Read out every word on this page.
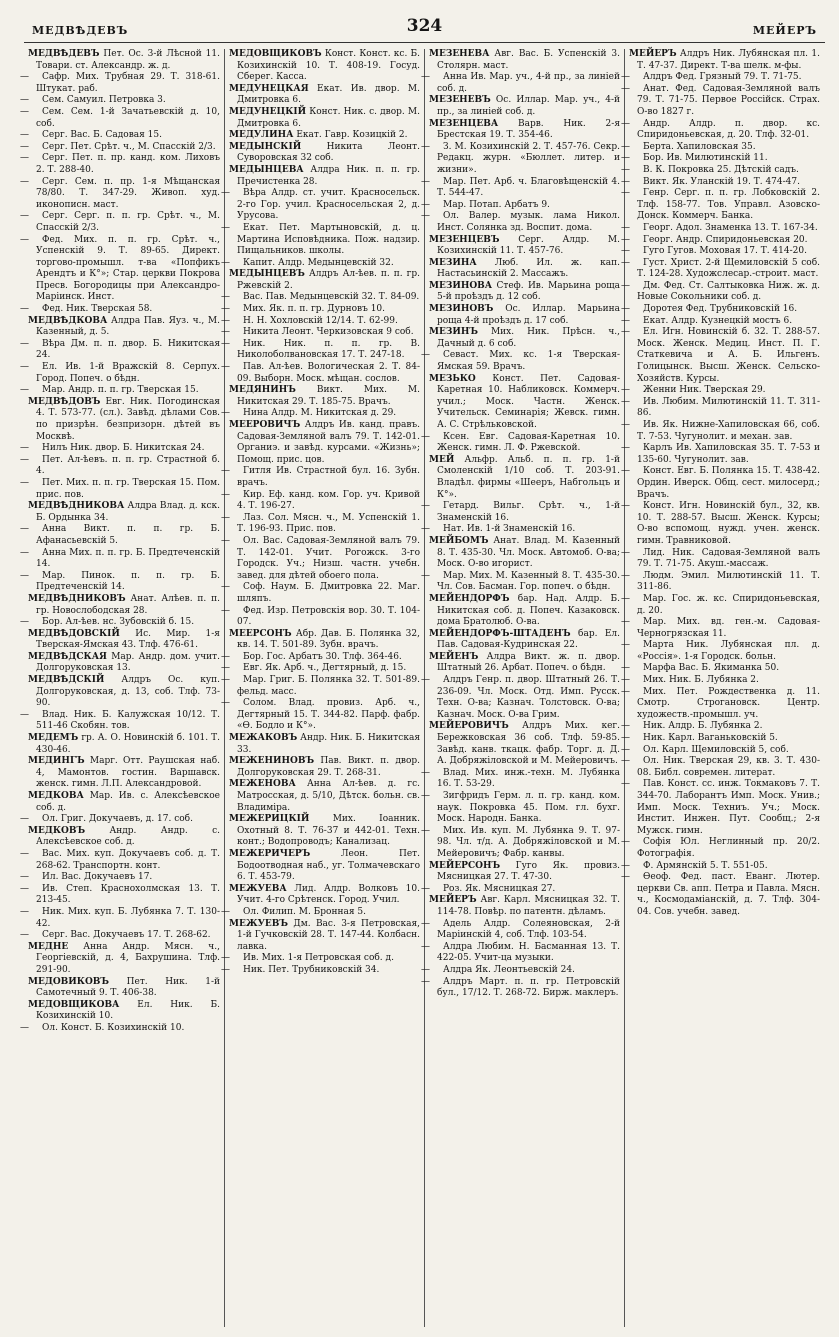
МЕДВѢДЕВЪ	324	МЕЙЕРЪ

МЕДВѢДЕВЪ Пет. Ос. 3-й Лѣсной 11. Товари. ст. Александр. ж. д.

— Сафр. Мих. Трубная 29. Т. 318-61. Штукат. раб.

— Сем. Самуил. Петровка 3.

— Сем. Сем. 1-й Зачатьевскій д. 10, соб.

— Серг. Вас. Б. Садовая 15.

— Серг. Пет. Срѣт. ч., М. Спасскій 2/3.

— Серг. Пет. п. пр. канд. ком. Лиховъ 2. Т. 288-40.

— Серг. Сем. п. пр. 1-я Мѣщанская 78/80. Т. 347-29. Живоп. худ. иконописн. маст.

— Серг. Серг. п. п. гр. Срѣт. ч., М. Спасскій 2/3.

— Фед. Мих. п. п. гр. Срѣт. ч., Успенскій 9. Т. 89-65. Директ. торгово-промышл. т-ва «Попфикъ Арендтъ и К°»; Стар. церкви Покрова Пресв. Богородицы при Александро-Маріинск. Инст.

— Фед. Ник. Тверская 58.

МЕДВѢДКОВА Алдра Пав. Яуз. ч., М. Казенный, д. 5.

— Вѣра Дм. п. п. двор. Б. Никитская 24.

— Ел. Ив. 1-й Вражскій 8. Серпух. Город. Попеч. о бѣдн.

— Мар. Андр. п. п. гр. Тверская 15.

МЕДВѢДОВЪ Евг. Ник. Погодинская 4. Т. 573-77. (сл.). Завѣд. дѣлами Сов. по призрѣн. безпризорн. дѣтей въ Москвѣ.

— Нилъ Ник. двор. Б. Никитская 24.

— Пет. Ал-ѣевъ. п. п. гр. Страстной б. 4.

— Пет. Мих. п. п. гр. Тверская 15. Пом. прис. пов.

МЕДВѢДНИКОВА Алдра Влад. д. кск. Б. Ордынка 34.

— Анна Викт. п. п. гр. Б. Афанасьевскій 5.

— Анна Мих. п. п. гр. Б. Предтеченскій 14.

— Мар. Пинок. п. п. гр. Б. Предтеченскій 14.

МЕДВѢДНИКОВЪ Анат. Алѣев. п. п. гр. Новослободская 28.

— Бор. Ал-ѣев. нс. Зубовскій б. 15.

МЕДВѢДОВСКІЙ Ис. Мир. 1-я Тверская-Ямская 43. Тлф. 476-61.

МЕДВѢДСКАЯ Мар. Андр. дом. учит. Долгоруковская 13.

МЕДВѢДСКІЙ Алдръ Ос. куп. Долгоруковская, д. 13, соб. Тлф. 73-90.

— Влад. Ник. Б. Калужская 10/12. Т. 511-46 Скобян. тов.

МЕДЕМЪ гр. А. О. Новинскій б. 101. Т. 430-46.

МЕДИНГЪ Марг. Отт. Раушская наб. 4, Мамонтов. гостин. Варшавск. женск. гимн. Л.П. Александровой.

МЕДКОВА Мар. Ив. с. Алексѣевское соб. д.

— Ол. Григ. Докучаевъ, д. 17. соб.

МЕДКОВЪ	Андр. Андр. с. Алексѣевское соб. д.

— Вас. Мих. куп. Докучаевъ соб. д. Т. 268-62. Транспортн. конт.

— Ил. Вас. Докучаевъ 17.

— Ив. Степ. Краснохолмская 13. Т. 213-45.

— Ник. Мих. куп. Б. Лубянка 7. Т. 130-42.

— Серг. Вас. Докучаевъ 17. Т. 268-62.

МЕДНЕ Анна Андр. Мясн. ч., Георгіевскій, д. 4, Бахрушина. Тлф. 291-90.

МЕДОВИКОВЪ Пет. Ник. 1-й Самотечный 9. Т. 406-38.

МЕДОВЩИКОВА Ел. Ник. Б. Козихинскій 10.

— Ол. Конст. Б. Козихинскій 10.

МЕДОВЩИКОВЪ Конст. Конст. кс. Б. Козихинскій 10. Т. 408-19. Госуд. Сберег. Касса.

МЕДУНЕЦКАЯ Екат. Ив. двор. М. Дмитровка 6.

МЕДУНЕЦКІЙ Конст. Ник. с. двор. М. Дмитровка 6.

МЕДУЛИНА Екат. Гавр. Козицкій 2.

МЕДЫНСКІЙ	Никита Леонт. Суворовская 32 соб.

МЕДЫНЦЕВА Алдра Ник. п. п. гр. Пречистенка 28.

— Вѣра Алдр. ст. учит. Красносельск. 2-го Гор. учил. Красносельская 2, д. Урусова.

— Екат. Пет. Мартыновскій, д. ц. Мартина Исповѣдника. Пож. надзир. Пищальников. школы.

— Капит. Алдр. Медынцевскій 32.

МЕДЫНЦЕВЪ Алдръ Ал-ѣев. п. п. гр. Ржевскій 2.

— Вас. Пав. Медынцевскій 32. Т. 84-09.

— Мих. Як. п. п. гр. Дурновъ 10.

— Н. Н. Хохловскій 12/14. Т. 62-99.

— Никита Леонт. Черкизовская 9 соб.

— Ник. Ник. п. п. гр. В. Николоболвановская 17. Т. 247-18.

— Пав. Ал-ѣев. Вологическая 2. Т. 84-09. Выборн. Моск. мѣщан. сослов.

МЕДЯНИНЪ Викт. Мих. М. Никитская 29. Т. 185-75. Врачъ.

— Нина Алдр. М. Никитская д. 29.

МЕЕРОВИЧЪ Алдръ Ив. канд. правъ. Садовая-Земляной валъ 79. Т. 142-01. Органиэ. и завѣд. курсами. «Жизнь»; Помощ. прис. цов.

— Гитля Ив. Страстной бул. 16. Зубн. врачъ.

— Кир. Еф. канд. ком. Гор. уч. Кривой 4. Т. 196-27.

— Лаз. Сол. Мясн. ч., М. Успенскій 1. Т. 196-93. Прис. пов.

— Ол. Вас. Садовая-Земляной валъ 79. Т. 142-01. Учит. Рогожск. 3-го Городск. Уч.; Низш. частн. учебн. завед. для дѣтей обоего пола.

— Соф. Наум. Б. Дмитровка 22. Маг. шляпъ.

— Фед. Изр. Петровскія вор. 30. Т. 104-07.

МЕЕРСОНЪ Абр. Дав. Б. Полянка 32, кв. 14. Т. 501-89. Зубн. врачъ.

— Бор. Гос. Арбатъ 30. Тлф. 364-46.

— Евг. Як. Арб. ч., Дегтярный, д. 15.

— Мар. Григ. Б. Полянка 32. Т. 501-89. фельд. масс.

— Солом. Влад. провиз. Арб. ч., Дегтярный 15. Т. 344-82. Парф. фабр. «Ѳ. Бодло и К°».

МЕЖАКОВЪ Андр. Ник. Б. Никитская 33.

МЕЖЕНИНОВЪ Пав. Викт. п. двор. Долгоруковская 29. Т. 268-31.

МЕЖЕНОВА Анна Ал-ѣев. д. гс. Матросская, д. 5/10, Дѣтск. больн. св. Владиміра.

МЕЖЕРИЦКІЙ	Мих. Іоанник. Охотный 8. Т. 76-37 и 442-01. Техн. конт.; Водопроводъ; Канализац.

МЕЖЕРИЧЕРЪ	Леон. Пет. Бодоотводная наб., уг. Толмачевскаго 6. Т. 453-79.

МЕЖУЕВА Лид. Алдр. Волковъ 10. Учит. 4-го Срѣтенск. Город. Учил.

— Ол. Филип. М. Бронная 5.

МЕЖУЕВЪ Дм. Вас. 3-я Петровская, 1-й Гучковскій 28. Т. 147-44. Колбасн. лавка.

— Ив. Мих. 1-я Петровская соб. д.

— Ник. Пет. Трубниковскій 34.

МЕЗЕНЕВА Авг. Вас. Б. Успенскій 3. Столярн. маст.

— Анна Ив. Мар. уч., 4-й пр., за линіей соб. д.

МЕЗЕНЕВЪ Ос. Иллар. Мар. уч., 4-й пр., за линіей соб. д.

МЕЗЕНЦЕВА Варв. Ник. 2-я Брестская 19. Т. 354-46.

— З. М. Козихинскій 2. Т. 457-76. Секр. Редакц. журн. «Бюллет. литер. и жизни».

— Мар. Пет. Арб. ч. Благовѣщенскій 4. Т. 544-47.

— Мар. Потап. Арбатъ 9.

— Ол. Валер. музык. лама Никол. Инст. Солянка зд. Воспит. дома.

МЕЗЕНЦЕВЪ Серг. Алдр. М. Козихинскій 11. Т. 457-76.

МЕЗИНА Люб. Ил. ж. кап. Настасьинскій 2. Массажъ.

МЕЗИНОВА Стеф. Ив. Марьина роща 5-й проѣздъ д. 12 соб.

МЕЗИНОВЪ Ос. Иллар. Марьина роща 4-й проѣздъ д. 17 соб.

МЕЗИНЪ Мих. Ник. Прѣсн. ч., Дачный д. 6 соб.

— Севаст. Мих. кс. 1-я Тверская-Ямская 59. Врачъ.

МЕЗЬКО Конст. Пет. Садовая-Каретная 10. Набликовск. Коммерч. учил.; Моск. Частн. Женск. Учительск. Семинарія; Жевск. гимн. А. С. Стрѣльковской.

— Ксен. Евг. Садовая-Каретная 10. Женск. гимн. Л. Ф. Ржевской.

МЕЙ Альфр. Альб. п. п. гр. 1-й Смоленскій 1/10 соб. Т. 203-91. Владѣл. фирмы «Шееръ, Набгольцъ и К°».

— Гетард. Вильг. Срѣт. ч., 1-й Знаменскій 16.

— Нат. Ив. 1-й Знаменскій 16.

МЕЙБОМЪ Анат. Влад. М. Казенный 8. Т. 435-30. Чл. Моск. Автомоб. О-ва; Моск. О-во игорист.

— Мар. Мих. М. Казенный 8. Т. 435-30. Чл. Сов. Басман. Гор. попеч. о бѣдн.

МЕЙЕНДОРФЪ бар. Над. Алдр. Б. Никитская соб. д. Попеч. Казаковск. дома Братолюб. О-ва.

МЕЙЕНДОРФЪ-ШТАДЕНЪ бар. Ел. Пав. Садовая-Кудринская 22.

МЕЙЕНЪ Алдра Викт. ж. п. двор. Штатный 26. Арбат. Попеч. о бѣдн.

— Алдръ Генр. п. двор. Штатный 26. Т. 236-09. Чл. Моск. Отд. Имп. Русск. Техн. О-ва; Казнач. Толстовск. О-ва; Казнач. Моск. О-ва Грим.

МЕЙЕРОВИЧЪ Алдръ Мих. кег. Бережковская 36 соб. Тлф. 59-85. Завѣд. канв. ткацк. фабр. Торг. д. Д. А. Добряжіловской и М. Мейеровичъ.

— Влад. Мих. инж.-техн. М. Лубянка 16. Т. 53-29.

— Зигфридъ Герм. л. п. гр. канд. ком. наук. Покровка 45. Пом. гл. бухг. Моск. Народн. Банка.

— Мих. Ив. куп. М. Лубянка 9. Т. 97-98. Чл. т/д. А. Добряжіловской и М. Мейеровичъ; Фабр. канвы.

МЕЙЕРСОНЪ Гуго Як. провиз. Мясницкая 27. Т. 47-30.

— Роз. Як. Мясницкая 27.

МЕЙЕРЪ Авг. Карл. Мясницкая 32. Т. 114-78. Повѣр. по патентн. дѣламъ.

— Адель Алдр. Солеяновская, 2-й Маріинскій 4, соб. Тлф. 103-54.

— Алдра Любим. Н. Басманная 13. Т. 422-05. Учит-ца музыки.

— Алдра Як. Леонтьевскій 24.

— Алдръ Март. п. п. гр. Петровскій бул., 17/12. Т. 268-72. Бирж. маклеръ.

МЕЙЕРЪ Алдръ Ник. Лубянская пл. 1. Т. 47-37. Директ. Т-ва шелк. м-фы.

— Алдръ Фед. Грязный 79. Т. 71-75.

— Анат. Фед. Садовая-Земляной валъ 79. Т. 71-75. Первое Россійск. Страх. О-во 1827 г.

— Андр. Алдр. п. двор. кс. Спиридоньевская, д. 20. Тлф. 32-01.

— Берта. Хапиловская 35.

— Бор. Ив. Милютинскій 11.

— В. К. Покровка 25. Дѣтскій садъ.

— Викт. Як. Уланскій 19. Т. 474-47.

— Генр. Серг. п. п. гр. Лобковскій 2. Тлф. 158-77. Тов. Управл. Азовско-Донск. Коммерч. Банка.

— Георг. Адол. Знаменка 13. Т. 167-34.

— Георг. Андр. Спиридоньевская 20.

— Гуго Гугов. Моховая 17. Т. 414-20.

— Густ. Христ. 2-й Щемиловскій 5 соб. Т. 124-28. Художслесар.-строит. маст.

— Дм. Фед. Ст. Салтыковка Ниж. ж. д. Новые Сокольники соб. д.

— Доротея Фед. Трубниковскій 16.

— Екат. Алдр. Кузнецкій мостъ 6.

— Ел. Игн. Новинскій б. 32. Т. 288-57. Моск. Женск. Медиц. Инст. П. Г. Статкевича и А. Б. Ильгенъ. Голицынск. Высш. Женск. Сельско-Хозяйств. Курсы.

— Женни Ник. Тверская 29.

— Ив. Любим. Милютинскій 11. Т. 311-86.

— Ив. Як. Нижне-Хапиловская 66, соб. Т. 7-53. Чугунолит. и механ. зав.

— Карлъ Ив. Хапиловская 35. Т. 7-53 и 135-60. Чугунолит. зав.

— Конст. Евг. Б. Полянка 15. Т. 438-42. Ордин. Иверск. Общ. сест. милосерд.; Врачъ.

— Конст. Игн. Новинскій бул., 32, кв. 10. Т. 288-57. Высш. Женск. Курсы; О-во вспомощ. нужд. учен. женск. гимн. Травниковой.

— Лид. Ник. Садовая-Земляной валъ 79. Т. 71-75. Акуш.-массаж.

— Людм. Эмил. Милютинскій 11. Т. 311-86.

— Мар. Гос. ж. кс. Спиридоньевская, д. 20.

— Мар. Мих. вд. ген.-м. Садовая-Черногрязская 11.

— Марта Ник. Лубянская пл. д. «Россія». 1-я Городск. больн.

— Марфа Вас. Б. Якиманка 50.

— Мих. Ник. Б. Лубянка 2.

— Мих. Пет. Рождественка д. 11. Смотр. Строгановск. Центр. художеств.-промышл. уч.

— Ник. Алдр. Б. Лубянка 2.

— Ник. Карл. Ваганьковскій 5.

— Ол. Карл. Щемиловскій 5, соб.

— Ол. Ник. Тверская 29, кв. 3. Т. 430-08. Библ. современ. литерат.

— Пав. Конст. сс. инж. Токмаковъ 7. Т. 344-70. Лаборантъ Имп. Моск. Унив.; Имп. Моск. Техниъ. Уч.; Моск. Инстит. Инжен. Пут. Сообщ.; 2-я Мужск. гимн.

— Софія Юл. Неглинный пр. 20/2. Фотографія.

— Ф. Армянскій 5. Т. 551-05.

— Ѳеоф. Фед. паст. Еванг. Лютер. церкви Св. апп. Петра и Павла. Мясн. ч., Космодаміанскій, д. 7. Тлф. 304-04. Сов. учебн. завед.
